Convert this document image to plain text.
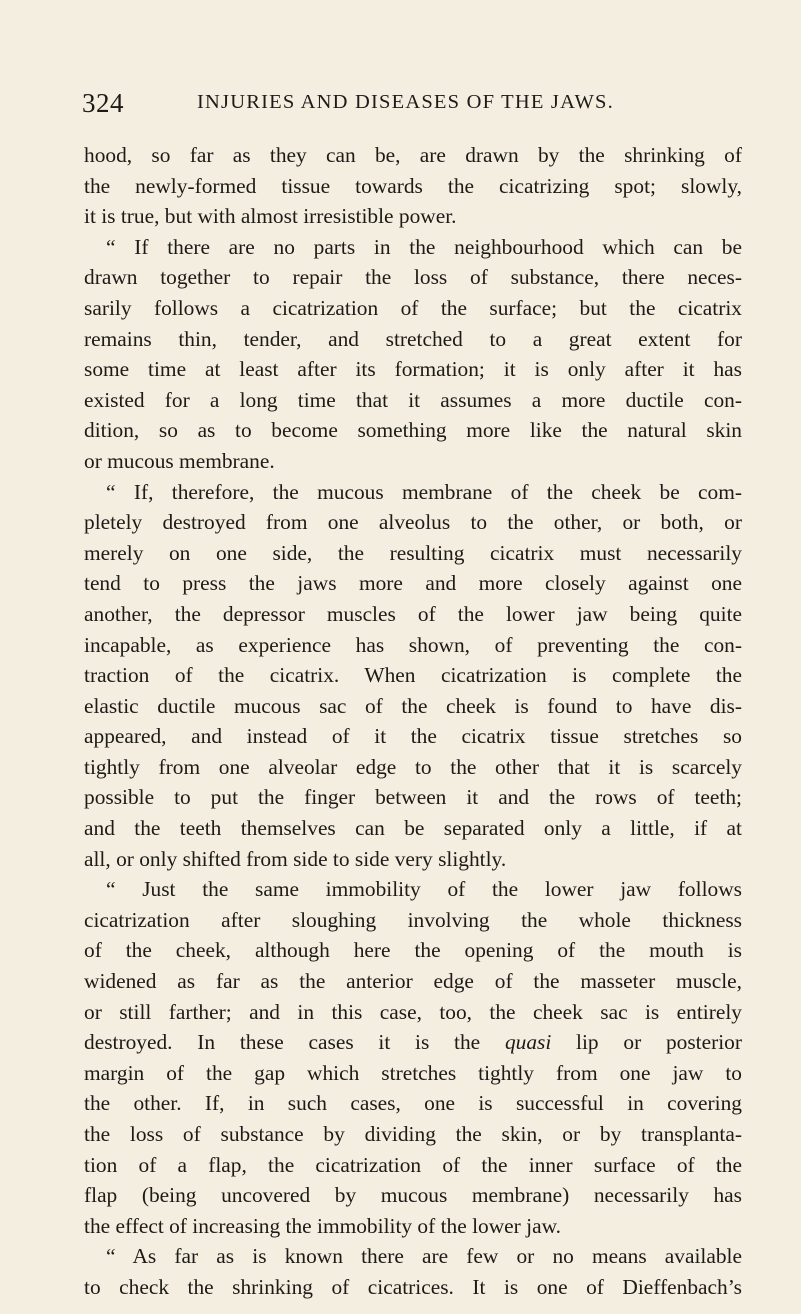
324	INJURIES AND DISEASES OF THE JAWS.
hood, so far as they can be, are drawn by the shrinking of
the newly-formed tissue towards the cicatrizing spot; slowly,
it is true, but with almost irresistible power.
“ If there are no parts in the neighbourhood which can be
drawn together to repair the loss of substance, there neces-
sarily follows a cicatrization of the surface; but the cicatrix
remains thin, tender, and stretched to a great extent for
some time at least after its formation; it is only after it has
existed for a long time that it assumes a more ductile con-
dition, so as to become something more like the natural skin
or mucous membrane.
“ If, therefore, the mucous membrane of the cheek be com-
pletely destroyed from one alveolus to the other, or both, or
merely on one side, the resulting cicatrix must necessarily
tend to press the jaws more and more closely against one
another, the depressor muscles of the lower jaw being quite
incapable, as experience has shown, of preventing the con-
traction of the cicatrix. When cicatrization is complete the
elastic ductile mucous sac of the cheek is found to have dis-
appeared, and instead of it the cicatrix tissue stretches so
tightly from one alveolar edge to the other that it is scarcely
possible to put the finger between it and the rows of teeth;
and the teeth themselves can be separated only a little, if at
all, or only shifted from side to side very slightly.
“ Just the same immobility of the lower jaw follows
cicatrization after sloughing involving the whole thickness
of the cheek, although here the opening of the mouth is
widened as far as the anterior edge of the masseter muscle,
or still farther; and in this case, too, the cheek sac is entirely
destroyed. In these cases it is the quasi lip or posterior
margin of the gap which stretches tightly from one jaw to
the other. If, in such cases, one is successful in covering
the loss of substance by dividing the skin, or by transplanta-
tion of a flap, the cicatrization of the inner surface of the
flap (being uncovered by mucous membrane) necessarily has
the effect of increasing the immobility of the lower jaw.
“ As far as is known there are few or no means available
to check the shrinking of cicatrices. It is one of Dieffenbach’s
